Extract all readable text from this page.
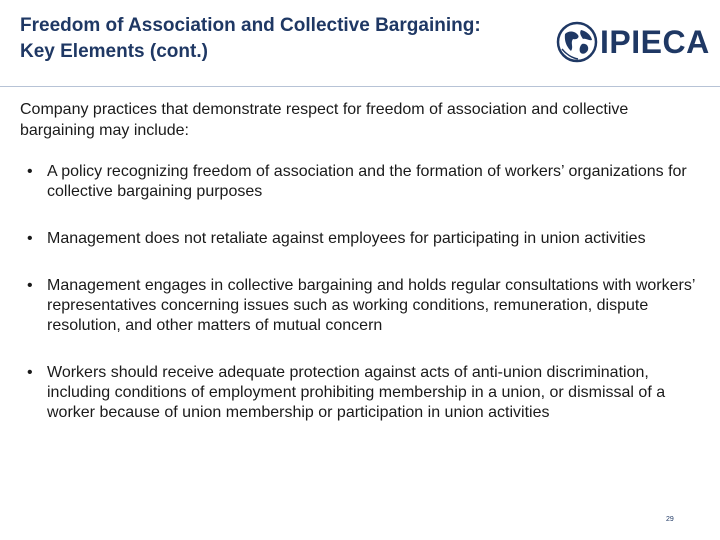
Freedom of Association and Collective Bargaining:
Key Elements (cont.)	IPIECA

Company practices that demonstrate respect for freedom of association and collective bargaining may include:

• A policy recognizing freedom of association and the formation of workers’ organizations for collective bargaining purposes
• Management does not retaliate against employees for participating in union activities
• Management engages in collective bargaining and holds regular consultations with workers’ representatives concerning issues such as working conditions, remuneration, dispute resolution, and other matters of mutual concern
• Workers should receive adequate protection against acts of anti-union discrimination, including conditions of employment prohibiting membership in a union, or dismissal of a worker because of union membership or participation in union activities
29
